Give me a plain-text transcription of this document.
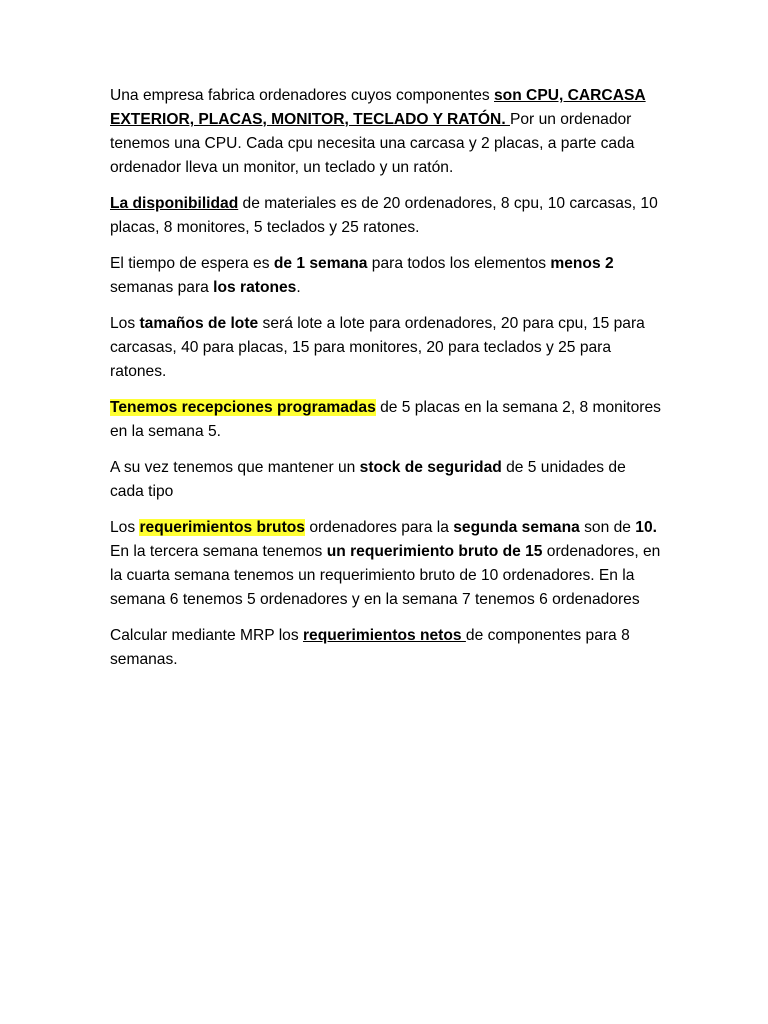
Una empresa fabrica ordenadores cuyos componentes son CPU, CARCASA EXTERIOR, PLACAS, MONITOR, TECLADO Y RATÓN. Por un ordenador tenemos una CPU. Cada cpu necesita una carcasa y 2 placas, a parte cada ordenador lleva un monitor, un teclado y un ratón.

La disponibilidad de materiales es de 20 ordenadores, 8 cpu, 10 carcasas, 10 placas, 8 monitores, 5 teclados y 25 ratones.

El tiempo de espera es de 1 semana para todos los elementos menos 2 semanas para los ratones.

Los tamaños de lote será lote a lote para ordenadores, 20 para cpu, 15 para carcasas, 40 para placas, 15 para monitores, 20 para teclados y 25 para ratones.

Tenemos recepciones programadas de 5 placas en la semana 2, 8 monitores en la semana 5.

A su vez tenemos que mantener un stock de seguridad de 5 unidades de cada tipo

Los requerimientos brutos ordenadores para la segunda semana son de 10. En la tercera semana tenemos un requerimiento bruto de 15 ordenadores, en la cuarta semana tenemos un requerimiento bruto de 10 ordenadores. En la semana 6 tenemos 5 ordenadores y en la semana 7 tenemos 6 ordenadores

Calcular mediante MRP los requerimientos netos de componentes para 8 semanas.
